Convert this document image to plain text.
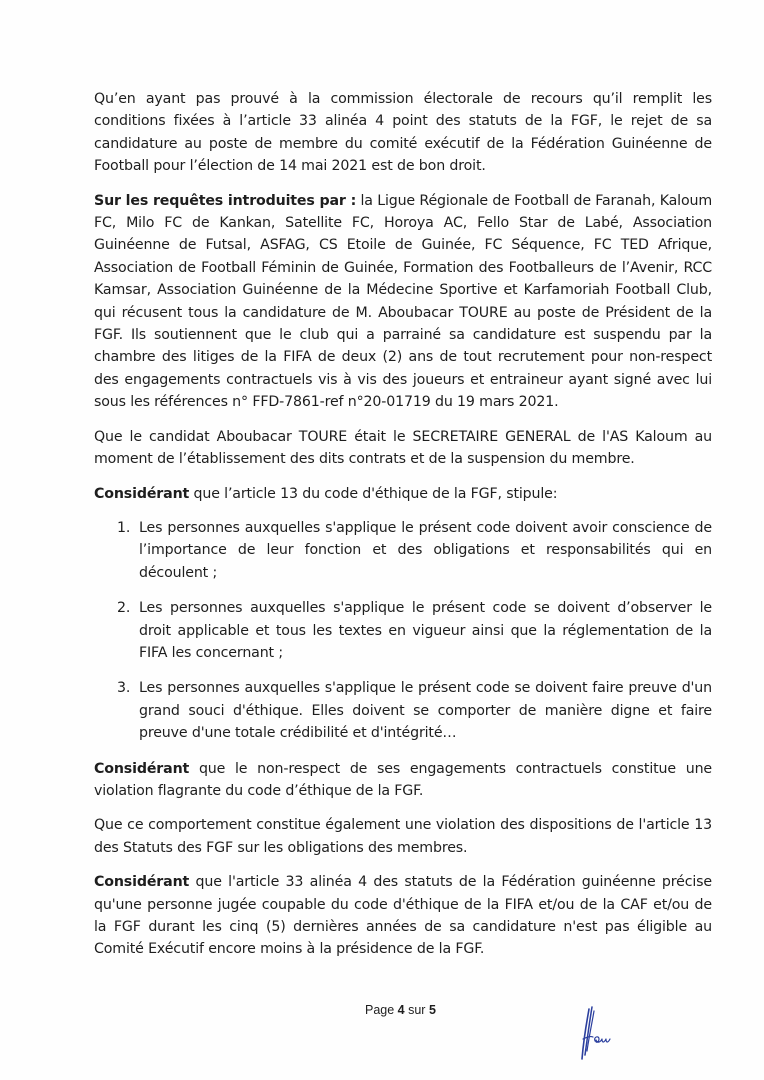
Qu’en ayant pas prouvé à la commission électorale de recours qu’il remplit les conditions fixées à l’article 33 alinéa 4 point des statuts de la FGF, le rejet de sa candidature au poste de membre du comité exécutif de la Fédération Guinéenne de Football pour l’élection de 14 mai 2021 est de bon droit.

Sur les requêtes introduites par : la Ligue Régionale de Football de Faranah, Kaloum FC, Milo FC de Kankan, Satellite FC, Horoya AC, Fello Star de Labé, Association Guinéenne de Futsal, ASFAG, CS Etoile de Guinée, FC Séquence, FC TED Afrique, Association de Football Féminin de Guinée, Formation des Footballeurs de l’Avenir, RCC Kamsar, Association Guinéenne de la Médecine Sportive et Karfamoriah Football Club, qui récusent tous la candidature de M. Aboubacar TOURE au poste de Président de la FGF. Ils soutiennent que le club qui a parrainé sa candidature est suspendu par la chambre des litiges de la FIFA de deux (2) ans de tout recrutement pour non-respect des engagements contractuels vis à vis des joueurs et entraineur ayant signé avec lui sous les références n° FFD-7861-ref n°20-01719 du 19 mars 2021.

Que le candidat Aboubacar TOURE était le SECRETAIRE GENERAL de l'AS Kaloum au moment de l’établissement des dits contrats et de la suspension du membre.

Considérant que l’article 13 du code d'éthique de la FGF, stipule:

1. Les personnes auxquelles s'applique le présent code doivent avoir conscience de l’importance de leur fonction et des obligations et responsabilités qui en découlent ;
2. Les personnes auxquelles s'applique le présent code se doivent d’observer le droit applicable et tous les textes en vigueur ainsi que la réglementation de la FIFA les concernant ;
3. Les personnes auxquelles s'applique le présent code se doivent faire preuve d'un grand souci d'éthique. Elles doivent se comporter de manière digne et faire preuve d'une totale crédibilité et d'intégrité…

Considérant que le non-respect de ses engagements contractuels constitue une violation flagrante du code d’éthique de la FGF.

Que ce comportement constitue également une violation des dispositions de l'article 13 des Statuts des FGF sur les obligations des membres.

Considérant que l'article 33 alinéa 4 des statuts de la Fédération guinéenne précise qu'une personne jugée coupable du code d'éthique de la FIFA et/ou de la CAF et/ou de la FGF durant les cinq (5) dernières années de sa candidature n'est pas éligible au Comité Exécutif encore moins à la présidence de la FGF.

Page 4 sur 5
